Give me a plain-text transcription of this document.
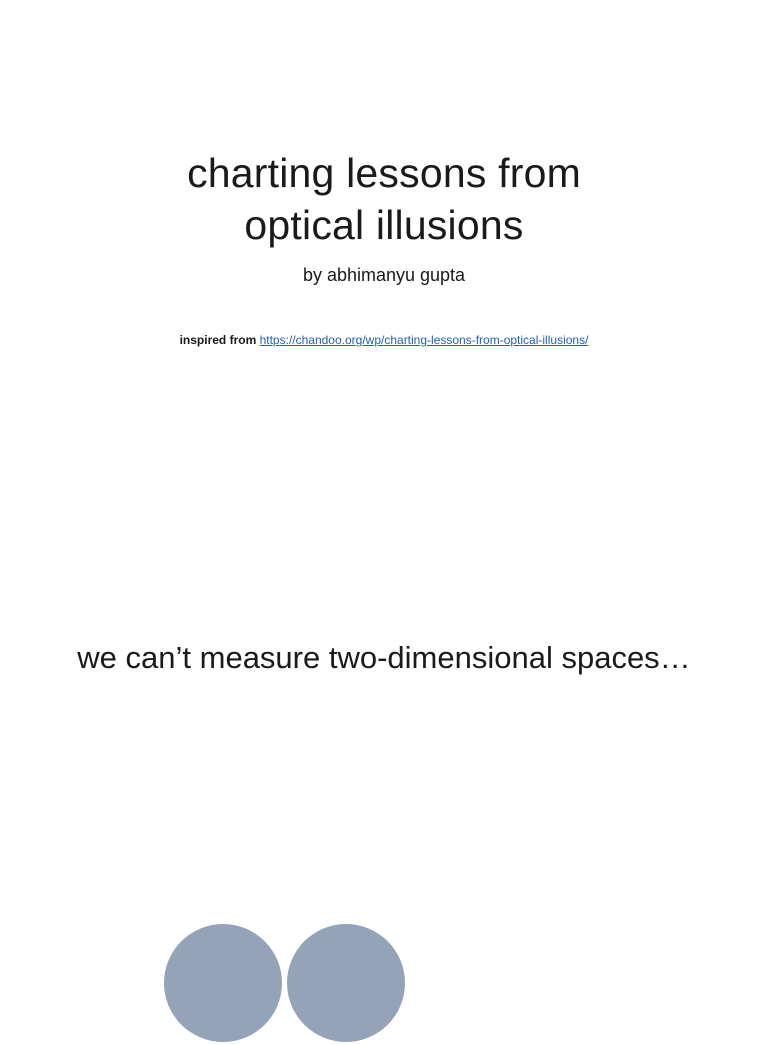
charting lessons from
optical illusions
by abhimanyu gupta
inspired from https://chandoo.org/wp/charting-lessons-from-optical-illusions/
we can’t measure two-dimensional spaces…
